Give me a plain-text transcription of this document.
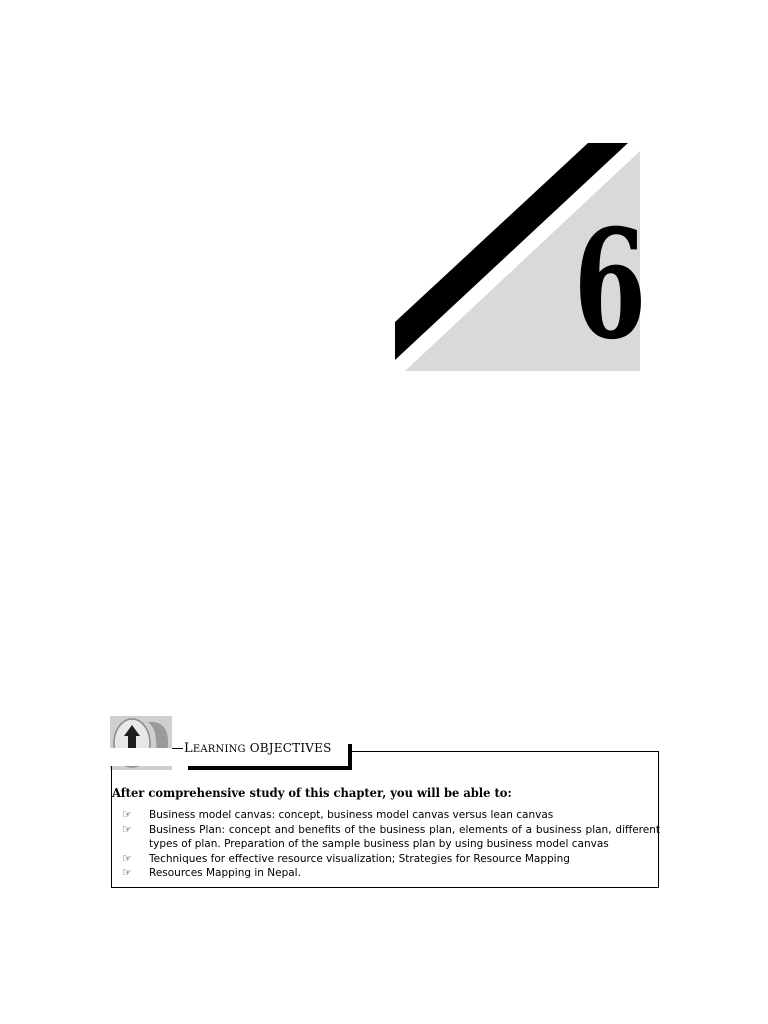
6
LEARNING OBJECTIVES
After comprehensive study of this chapter, you will be able to:
☞ Business model canvas: concept, business model canvas versus lean canvas
☞ Business Plan: concept and benefits of the business plan, elements of a business plan, different types of plan. Preparation of the sample business plan by using business model canvas
☞ Techniques for effective resource visualization; Strategies for Resource Mapping
☞ Resources Mapping in Nepal.
